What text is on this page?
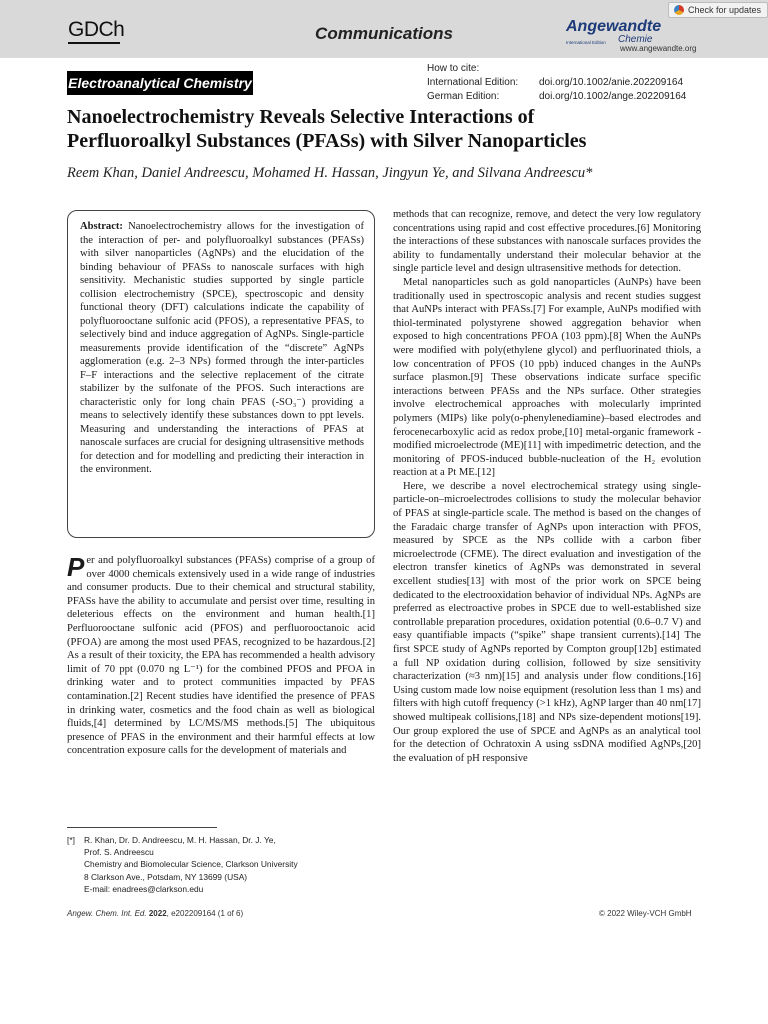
GDCh	Communications	Angewandte
International Edition Chemie
www.angewandte.org
Check for updates
Electroanalytical Chemistry
How to cite:
International Edition: doi.org/10.1002/anie.202209164
German Edition:	doi.org/10.1002/ange.202209164
Nanoelectrochemistry Reveals Selective Interactions of
Perfluoroalkyl Substances (PFASs) with Silver Nanoparticles
Reem Khan, Daniel Andreescu, Mohamed H. Hassan, Jingyun Ye, and Silvana Andreescu*
Abstract: Nanoelectrochemistry allows for the investigation of the interaction of per- and polyfluoroalkyl substances (PFASs) with silver nanoparticles (AgNPs) and the elucidation of the binding behaviour of PFASs to nanoscale surfaces with high sensitivity. Mechanistic studies supported by single particle collision electrochemistry (SPCE), spectroscopic and density functional theory (DFT) calculations indicate the capability of polyfluorooctane sulfonic acid (PFOS), a representative PFAS, to selectively bind and induce aggregation of AgNPs. Single-particle measurements provide identification of the “discrete” AgNPs agglomeration (e.g. 2–3 NPs) formed through the inter-particles F–F interactions and the selective replacement of the citrate stabilizer by the sulfonate of the PFOS. Such interactions are characteristic only for long chain PFAS (-SO₃⁻) providing a means to selectively identify these substances down to ppt levels. Measuring and understanding the interactions of PFAS at nanoscale surfaces are crucial for designing ultrasensitive methods for detection and for modelling and predicting their interaction in the environment.
P er and polyfluoroalkyl substances (PFASs) comprise of a group of over 4000 chemicals extensively used in a wide range of industries and consumer products. Due to their chemical and structural stability, PFASs have the ability to accumulate and persist over time, resulting in deleterious effects on the environment and human health.[1] Perfluorooctane sulfonic acid (PFOS) and perfluorooctanoic acid (PFOA) are among the most used PFAS, recognized to be hazardous.[2] As a result of their toxicity, the EPA has recommended a health advisory limit of 70 ppt (0.070 ng L⁻¹) for the combined PFOS and PFOA in drinking water and to protect communities impacted by PFAS contamination.[2] Recent studies have identified the presence of PFAS in drinking water, cosmetics and the food chain as well as biological fluids,[4] determined by LC/MS/MS methods.[5] The ubiquitous presence of PFAS in the environment and their harmful effects at low concentration exposure calls for the development of materials and
[*] R. Khan, Dr. D. Andreescu, M. H. Hassan, Dr. J. Ye,
Prof. S. Andreescu
Chemistry and Biomolecular Science, Clarkson University
8 Clarkson Ave., Potsdam, NY 13699 (USA)
E-mail: enadrees@clarkson.edu

methods that can recognize, remove, and detect the very low regulatory concentrations using rapid and cost effective procedures.[6] Monitoring the interactions of these substances with nanoscale surfaces provides the ability to fundamentally understand their molecular behavior at the single particle level and design ultrasensitive methods for detection.

Metal nanoparticles such as gold nanoparticles (AuNPs) have been traditionally used in spectroscopic analysis and recent studies suggest that AuNPs interact with PFASs.[7] For example, AuNPs modified with thiol-terminated polystyrene showed aggregation behavior when exposed to high concentrations PFOA (103 ppm).[8] When the AuNPs were modified with poly(ethylene glycol) and perfluorinated thiols, a low concentration of PFOS (10 ppb) induced changes in the AuNPs surface plasmon.[9] These observations indicate surface specific interactions between PFASs and the NPs surface. Other strategies involve electrochemical approaches with molecularly imprinted polymers (MIPs) like poly(o-phenylenediamine)–based electrodes and ferocenecarboxylic acid as redox probe,[10] metal-organic framework -modified microelectrode (ME)[11] with impedimetric detection, and the monitoring of PFOS-induced bubble-nucleation of the H₂ evolution reaction at a Pt ME.[12]

Here, we describe a novel electrochemical strategy using single-particle-on–microelectrodes collisions to study the molecular behavior of PFAS at single-particle scale. The method is based on the changes of the Faradaic charge transfer of AgNPs upon interaction with PFOS, measured by SPCE as the NPs collide with a carbon fiber microelectrode (CFME). The direct evaluation and investigation of the electron transfer kinetics of AgNPs was demonstrated in several excellent studies[13] with most of the prior work on SPCE being dedicated to the electrooxidation behavior of individual NPs. AgNPs are preferred as electroactive probes in SPCE due to well-established size controllable preparation procedures, oxidation potential (0.6–0.7 V) and easy quantifiable impacts (“spike” shape transient currents).[14] The first SPCE study of AgNPs reported by Compton group[12b] estimated a full NP oxidation during collision, followed by size sensitivity characterization (≈3 nm)[15] and analysis under flow conditions.[16] Using custom made low noise equipment (resolution less than 1 ms) and filters with high cutoff frequency (>1 kHz), AgNP larger than 40 nm[17] showed multipeak collisions,[18] and NPs size-dependent motions[19]. Our group explored the use of SPCE and AgNPs as an analytical tool for the detection of Ochratoxin A using ssDNA modified AgNPs,[20] the evaluation of pH responsive

Angew. Chem. Int. Ed. 2022, e202209164 (1 of 6)	© 2022 Wiley-VCH GmbH
